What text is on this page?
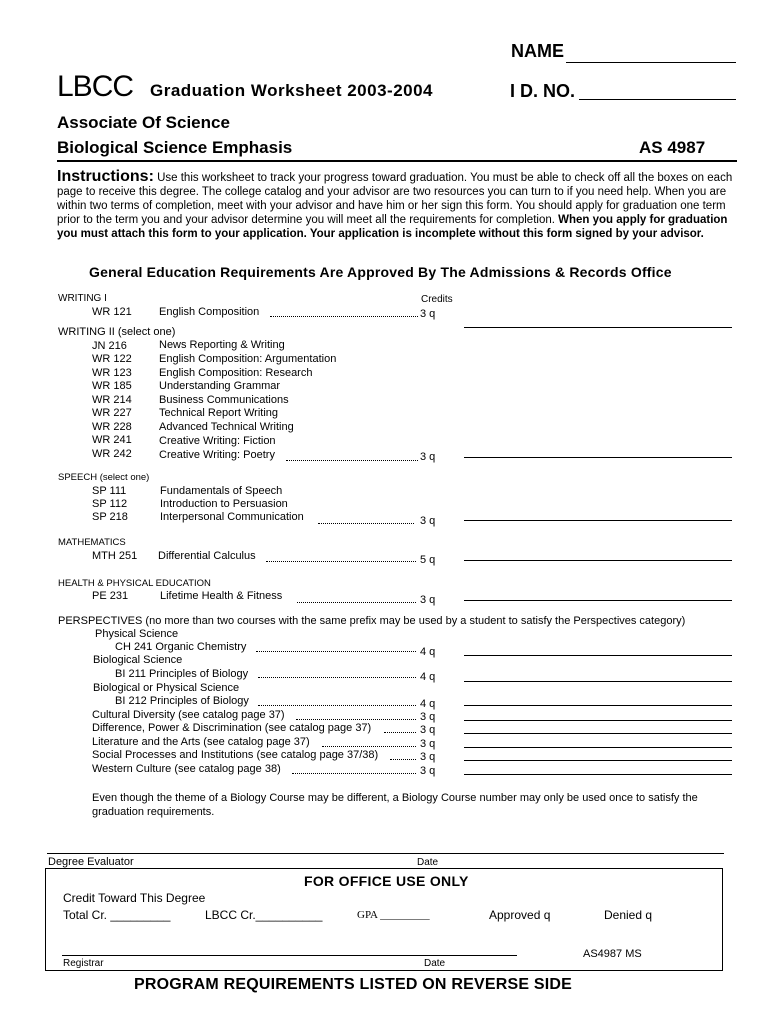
NAME
LBCC Graduation Worksheet 2003-2004	I D. NO.
Associate Of Science
Biological Science Emphasis	AS 4987
Instructions: Use this worksheet to track your progress toward graduation. You must be able to check off all the boxes on each page to receive this degree. The college catalog and your advisor are two resources you can turn to if you need help. When you are within two terms of completion, meet with your advisor and have him or her sign this form. You should apply for graduation one term prior to the term you and your advisor determine you will meet all the requirements for completion. When you apply for graduation you must attach this form to your application. Your application is incomplete without this form signed by your advisor.
General Education Requirements Are Approved By The Admissions & Records Office
WRITING I	Credits
WR 121 English Composition	3 q
WRITING II (select one)
JN 216	News Reporting & Writing
WR 122 English Composition: Argumentation
WR 123 English Composition: Research
WR 185 Understanding Grammar
WR 214 Business Communications
WR 227 Technical Report Writing
WR 228 Advanced Technical Writing
WR 241 Creative Writing: Fiction
WR 242 Creative Writing: Poetry	3 q
SPEECH (select one)
SP 111	Fundamentals of Speech
SP 112	Introduction to Persuasion
SP 218	Interpersonal Communication	3 q
MATHEMATICS
MTH 251 Differential Calculus	5 q
HEALTH & PHYSICAL EDUCATION
PE 231	Lifetime Health & Fitness	3 q
PERSPECTIVES (no more than two courses with the same prefix may be used by a student to satisfy the Perspectives category)
Physical Science
CH 241 Organic Chemistry	4 q
Biological Science
BI 211 Principles of Biology	4 q
Biological or Physical Science
BI 212 Principles of Biology	4 q
Cultural Diversity (see catalog page 37)	3 q
Difference, Power & Discrimination (see catalog page 37)	3 q
Literature and the Arts (see catalog page 37)	3 q
Social Processes and Institutions (see catalog page 37/38)	3 q
Western Culture (see catalog page 38)	3 q
Even though the theme of a Biology Course may be different, a Biology Course number may only be used once to satisfy the graduation requirements.
Degree Evaluator	Date
FOR OFFICE USE ONLY
Credit Toward This Degree
Total Cr. _________	LBCC Cr.__________	GPA _________	Approved q	Denied q
AS4987 MS
Registrar	Date
PROGRAM REQUIREMENTS LISTED ON REVERSE SIDE
